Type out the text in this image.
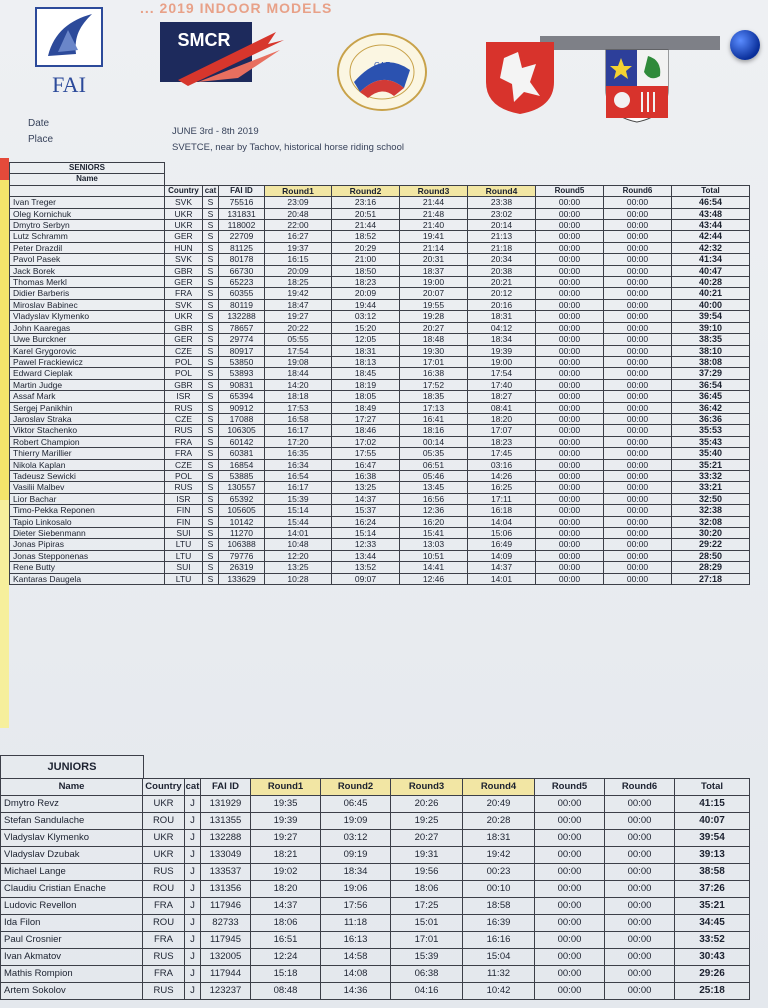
... 2019 INDOOR MODELS
FAI
SMCR
CAF
Date
Place
JUNE 3rd - 8th 2019
SVETCE, near by Tachov, historical horse riding school
SENIORS										
Name										
	Country	cat	FAI ID	Round1	Round2	Round3	Round4	Round5	Round6	Total
Ivan Treger	SVK	S	75516	23:09	23:16	21:44	23:38	00:00	00:00	46:54
Oleg Kornichuk	UKR	S	131831	20:48	20:51	21:48	23:02	00:00	00:00	43:48
Dmytro Serbyn	UKR	S	118002	22:00	21:44	21:40	20:14	00:00	00:00	43:44
Lutz Schramm	GER	S	22709	16:27	18:52	19:41	21:13	00:00	00:00	42:44
Peter Drazdil	HUN	S	81125	19:37	20:29	21:14	21:18	00:00	00:00	42:32
Pavol Pasek	SVK	S	80178	16:15	21:00	20:31	20:34	00:00	00:00	41:34
Jack Borek	GBR	S	66730	20:09	18:50	18:37	20:38	00:00	00:00	40:47
Thomas Merkl	GER	S	65223	18:25	18:23	19:00	20:21	00:00	00:00	40:28
Didier Barberis	FRA	S	60355	19:42	20:09	20:07	20:12	00:00	00:00	40:21
Miroslav Babinec	SVK	S	80119	18:47	19:44	19:55	20:16	00:00	00:00	40:00
Vladyslav Klymenko	UKR	S	132288	19:27	03:12	19:28	18:31	00:00	00:00	39:54
John Kaaregas	GBR	S	78657	20:22	15:20	20:27	04:12	00:00	00:00	39:10
Uwe Burckner	GER	S	29774	05:55	12:05	18:48	18:34	00:00	00:00	38:35
Karel Grygorovic	CZE	S	80917	17:54	18:31	19:30	19:39	00:00	00:00	38:10
Pawel Frackiewicz	POL	S	53850	19:08	18:13	17:01	19:00	00:00	00:00	38:08
Edward Cieplak	POL	S	53893	18:44	18:45	16:38	17:54	00:00	00:00	37:29
Martin Judge	GBR	S	90831	14:20	18:19	17:52	17:40	00:00	00:00	36:54
Assaf Mark	ISR	S	65394	18:18	18:05	18:35	18:27	00:00	00:00	36:45
Sergej Panikhin	RUS	S	90912	17:53	18:49	17:13	08:41	00:00	00:00	36:42
Jaroslav Straka	CZE	S	17088	16:58	17:27	16:41	18:20	00:00	00:00	36:36
Viktor Stachenko	RUS	S	106305	16:17	18:46	18:16	17:07	00:00	00:00	35:53
Robert Champion	FRA	S	60142	17:20	17:02	00:14	18:23	00:00	00:00	35:43
Thierry Marillier	FRA	S	60381	16:35	17:55	05:35	17:45	00:00	00:00	35:40
Nikola Kaplan	CZE	S	16854	16:34	16:47	06:51	03:16	00:00	00:00	35:21
Tadeusz Sewicki	POL	S	53885	16:54	16:38	05:46	14:26	00:00	00:00	33:32
Vasilii Malbev	RUS	S	130557	16:17	13:25	13:45	16:25	00:00	00:00	33:21
Lior Bachar	ISR	S	65392	15:39	14:37	16:56	17:11	00:00	00:00	32:50
Timo-Pekka Reponen	FIN	S	105605	15:14	15:37	12:36	16:18	00:00	00:00	32:38
Tapio Linkosalo	FIN	S	10142	15:44	16:24	16:20	14:04	00:00	00:00	32:08
Dieter Siebenmann	SUI	S	11270	14:01	15:14	15:41	15:06	00:00	00:00	30:20
Jonas Pipiras	LTU	S	106388	10:48	12:33	13:03	16:49	00:00	00:00	29:22
Jonas Stepponenas	LTU	S	79776	12:20	13:44	10:51	14:09	00:00	00:00	28:50
Rene Butty	SUI	S	26319	13:25	13:52	14:41	14:37	00:00	00:00	28:29
Kantaras Daugela	LTU	S	133629	10:28	09:07	12:46	14:01	00:00	00:00	27:18
JUNIORS
Name	Country	cat	FAI ID	Round1	Round2	Round3	Round4	Round5	Round6	Total
Dmytro Revz	UKR	J	131929	19:35	06:45	20:26	20:49	00:00	00:00	41:15
Stefan Sandulache	ROU	J	131355	19:39	19:09	19:25	20:28	00:00	00:00	40:07
Vladyslav Klymenko	UKR	J	132288	19:27	03:12	20:27	18:31	00:00	00:00	39:54
Vladyslav Dzubak	UKR	J	133049	18:21	09:19	19:31	19:42	00:00	00:00	39:13
Michael Lange	RUS	J	133537	19:02	18:34	19:56	00:23	00:00	00:00	38:58
Claudiu Cristian Enache	ROU	J	131356	18:20	19:06	18:06	00:10	00:00	00:00	37:26
Ludovic Revellon	FRA	J	117946	14:37	17:56	17:25	18:58	00:00	00:00	35:21
Ida Filon	ROU	J	82733	18:06	11:18	15:01	16:39	00:00	00:00	34:45
Paul Crosnier	FRA	J	117945	16:51	16:13	17:01	16:16	00:00	00:00	33:52
Ivan Akmatov	RUS	J	132005	12:24	14:58	15:39	15:04	00:00	00:00	30:43
Mathis Rompion	FRA	J	117944	15:18	14:08	06:38	11:32	00:00	00:00	29:26
Artem Sokolov	RUS	J	123237	08:48	14:36	04:16	10:42	00:00	00:00	25:18
